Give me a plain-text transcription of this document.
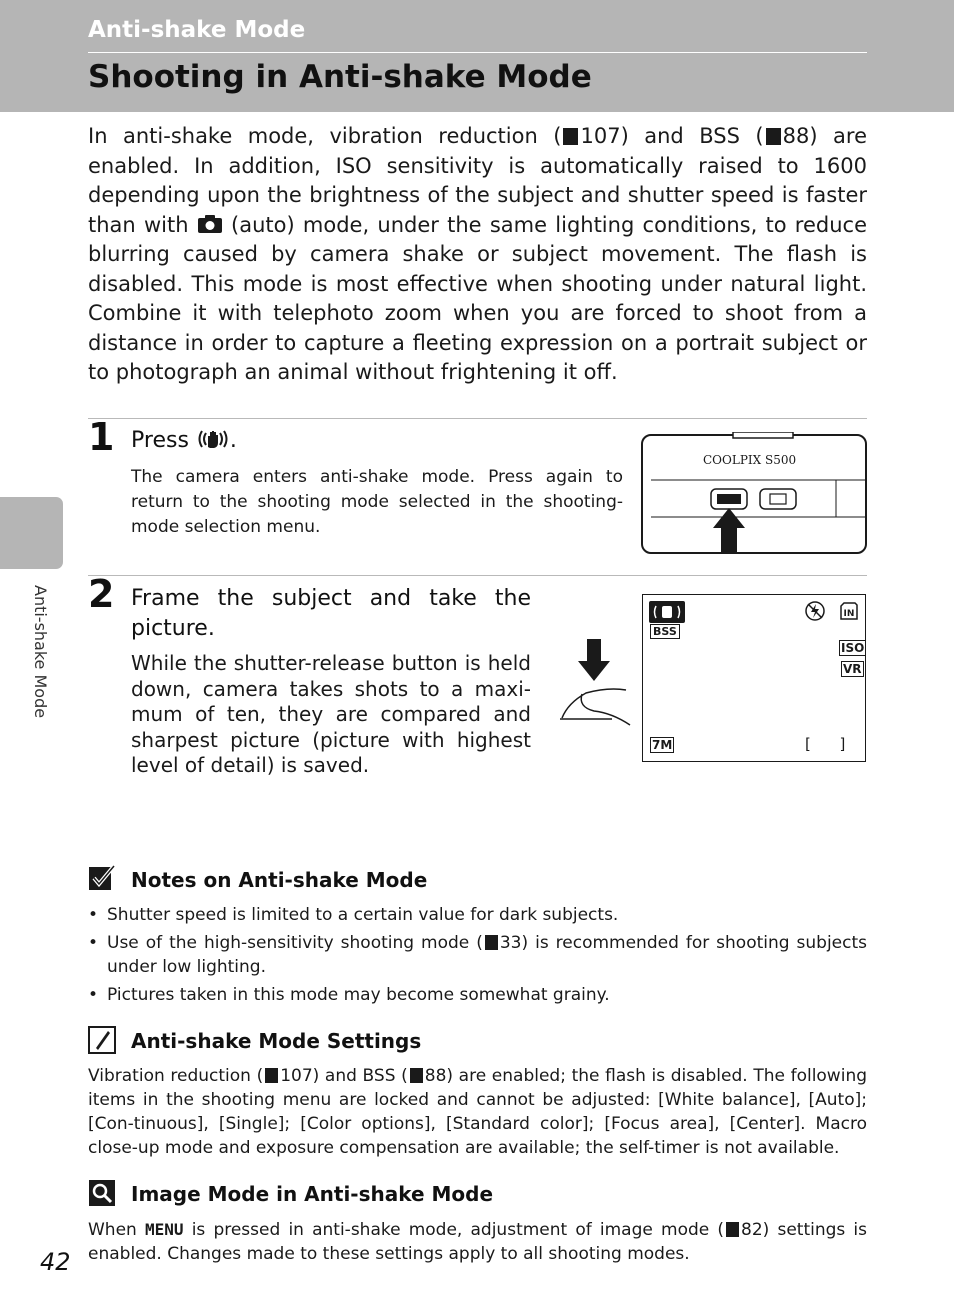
Anti-shake Mode
Shooting in Anti-shake Mode
Anti-shake Mode
In anti-shake mode, vibration reduction ( 107) and BSS ( 88) are enabled. In addition, ISO sensitivity is automatically raised to 1600 depending upon the brightness of the subject and shutter speed is faster than with (auto) mode, under the same lighting conditions, to reduce blurring caused by camera shake or subject movement. The flash is disabled. This mode is most effective when shooting under natural light. Combine it with telephoto zoom when you are forced to shoot from a distance in order to capture a fleeting expression on a portrait subject or to photograph an animal without frightening it off.
1 Press .
The camera enters anti-shake mode. Press again to return to the shooting mode selected in the shooting-mode selection menu.
COOLPIX S500
2 Frame the subject and take the picture.
While the shutter-release button is held down, camera takes shots to a maxi-mum of ten, they are compared and sharpest picture (picture with highest level of detail) is saved.
IN
BSS
ISO
VR
7M	[      ]
Notes on Anti-shake Mode
• Shutter speed is limited to a certain value for dark subjects.
• Use of the high-sensitivity shooting mode ( 33) is recommended for shooting subjects under low lighting.
• Pictures taken in this mode may become somewhat grainy.
Anti-shake Mode Settings
Vibration reduction ( 107) and BSS ( 88) are enabled; the flash is disabled. The following items in the shooting menu are locked and cannot be adjusted: [White balance], [Auto]; [Con-tinuous], [Single]; [Color options], [Standard color]; [Focus area], [Center]. Macro close-up mode and exposure compensation are available; the self-timer is not available.
Image Mode in Anti-shake Mode
When MENU is pressed in anti-shake mode, adjustment of image mode ( 82) settings is enabled. Changes made to these settings apply to all shooting modes.
42
